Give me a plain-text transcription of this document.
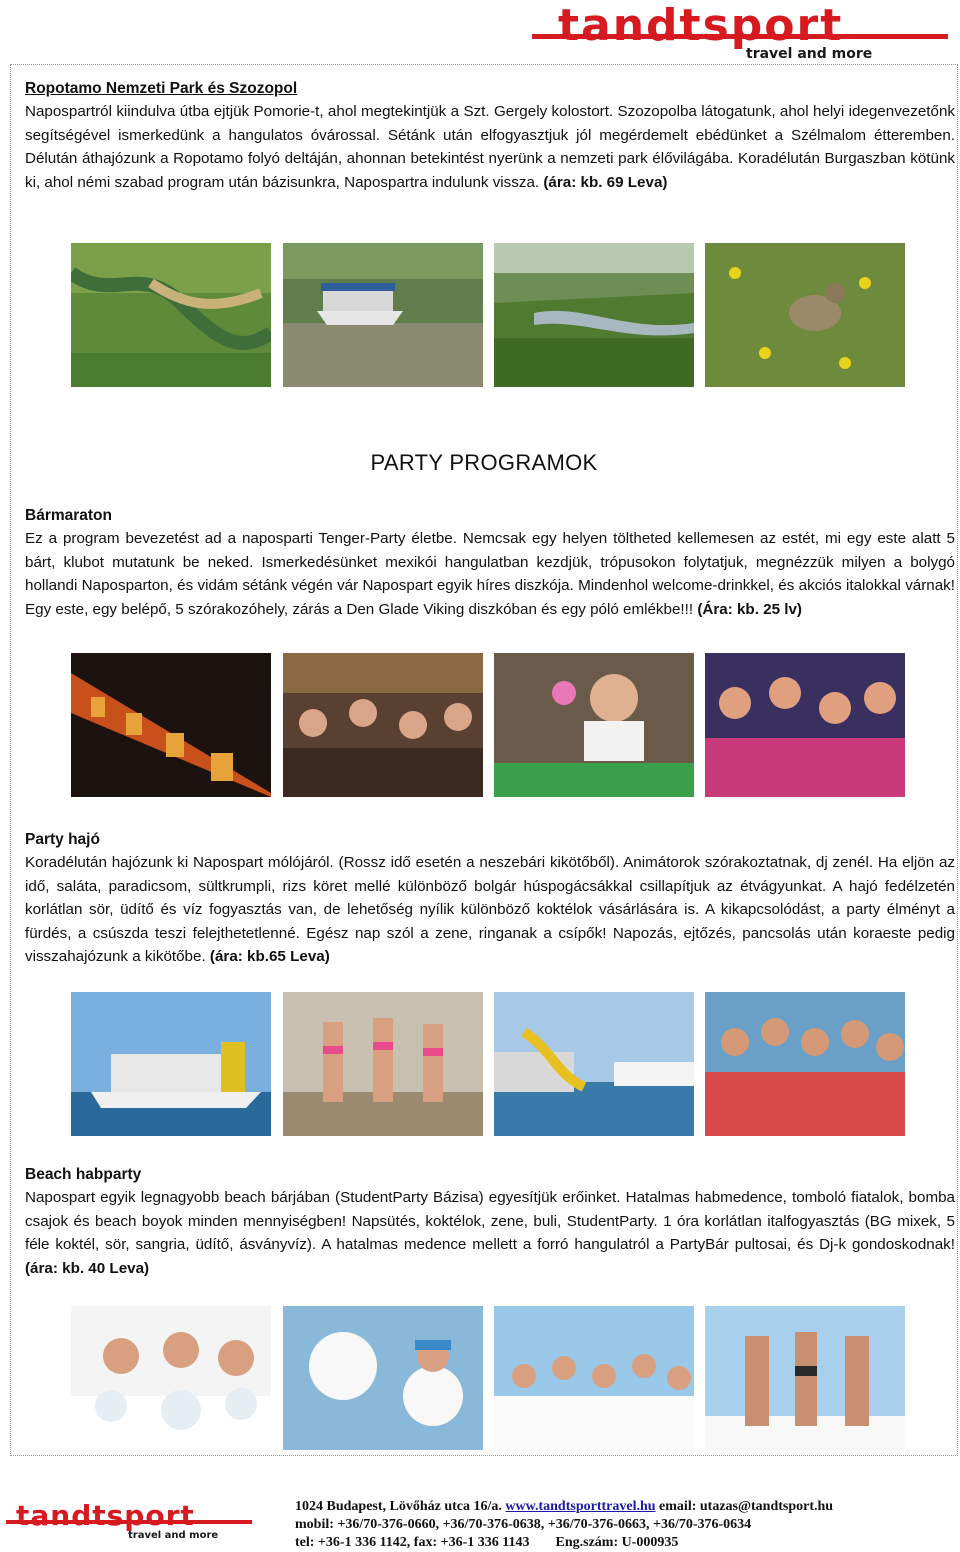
tandtsport
travel and more
Ropotamo Nemzeti Park és Szozopol

Napospartról kiindulva útba ejtjük Pomorie-t, ahol megtekintjük a Szt. Gergely kolostort. Szozopolba látogatunk, ahol helyi idegenvezetőnk segítségével ismerkedünk a hangulatos óvárossal. Sétánk után elfogyasztjuk jól megérdemelt ebédünket a Szélmalom étteremben. Délután áthajózunk a Ropotamo folyó deltáján, ahonnan betekintést nyerünk a nemzeti park élővilágába. Koradélután Burgaszban kötünk ki, ahol némi szabad program után bázisunkra, Napospartra indulunk vissza. (ára: kb. 69 Leva)

PARTY PROGRAMOK
Bármaraton

Ez a program bevezetést ad a naposparti Tenger-Party életbe. Nemcsak egy helyen töltheted kellemesen az estét, mi egy este alatt 5 bárt, klubot mutatunk be neked. Ismerkedésünket mexikói hangulatban kezdjük, trópusokon folytatjuk, megnézzük milyen a bolygó hollandi Naposparton, és vidám sétánk végén vár Napospart egyik híres diszkója. Mindenhol welcome-drinkkel, és akciós italokkal várnak! Egy este, egy belépő, 5 szórakozóhely, zárás a Den Glade Viking diszkóban és egy póló emlékbe!!! (Ára: kb. 25 lv)

Party hajó

Koradélután hajózunk ki Napospart mólójáról. (Rossz idő esetén a neszebári kikötőből). Animátorok szórakoztatnak, dj zenél. Ha eljön az idő, saláta, paradicsom, sültkrumpli, rizs köret mellé különböző bolgár húspogácsákkal csillapítjuk az étvágyunkat. A hajó fedélzetén korlátlan sör, üdítő és víz fogyasztás van, de lehetőség nyílik különböző koktélok vásárlására is. A kikapcsolódást, a party élményt a fürdés, a csúszda teszi felejthetetlenné. Egész nap szól a zene, ringanak a csípők! Napozás, ejtőzés, pancsolás után koraeste pedig visszahajózunk a kikötőbe. (ára: kb.65 Leva)

Beach habparty

Napospart egyik legnagyobb beach bárjában (StudentParty Bázisa) egyesítjük erőinket. Hatalmas habmedence, tomboló fiatalok, bomba csajok és beach boyok minden mennyiségben! Napsütés, koktélok, zene, buli, StudentParty. 1 óra korlátlan italfogyasztás (BG mixek, 5 féle koktél, sör, sangria, üdítő, ásványvíz). A hatalmas medence mellett a forró hangulatról a PartyBár pultosai, és Dj-k gondoskodnak! (ára: kb. 40 Leva)

tandtsport
travel and more
1024 Budapest, Lövőház utca 16/a. www.tandtsporttravel.hu email: utazas@tandtsport.hu
mobil: +36/70-376-0660, +36/70-376-0638, +36/70-376-0663, +36/70-376-0634
tel: +36-1 336 1142, fax: +36-1 336 1143 Eng.szám: U-000935
